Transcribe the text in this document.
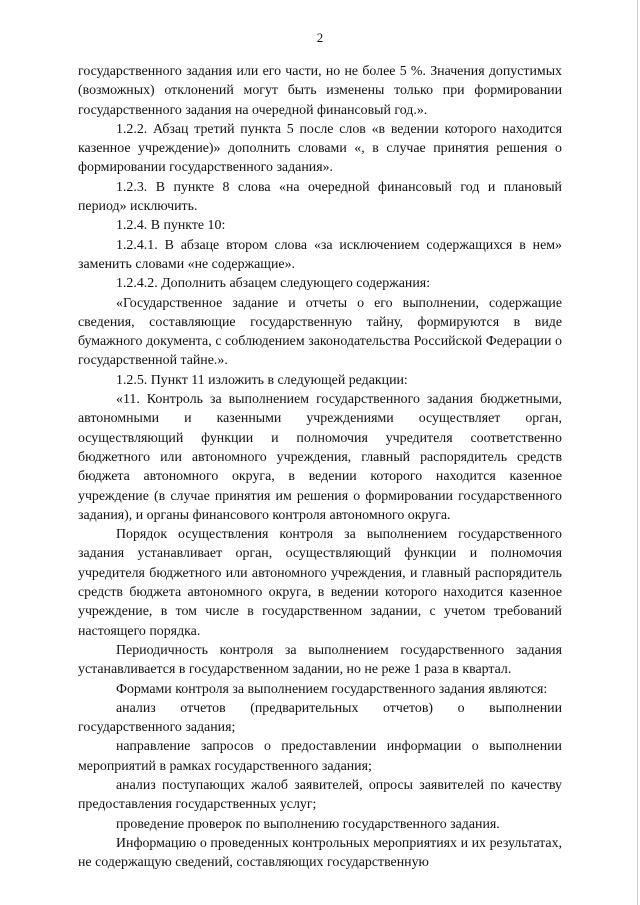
2

государственного задания или его части, но не более 5 %. Значения допустимых (возможных) отклонений могут быть изменены только при формировании государственного задания на очередной финансовый год.».

1.2.2. Абзац третий пункта 5 после слов «в ведении которого находится казенное учреждение)» дополнить словами «, в случае принятия решения о формировании государственного задания».

1.2.3. В пункте 8 слова «на очередной финансовый год и плановый период» исключить.

1.2.4. В пункте 10:

1.2.4.1. В абзаце втором слова «за исключением содержащихся в нем» заменить словами «не содержащие».

1.2.4.2. Дополнить абзацем следующего содержания:

«Государственное задание и отчеты о его выполнении, содержащие сведения, составляющие государственную тайну, формируются в виде бумажного документа, с соблюдением законодательства Российской Федерации о государственной тайне.».

1.2.5. Пункт 11 изложить в следующей редакции:

«11. Контроль за выполнением государственного задания бюджетными, автономными и казенными учреждениями осуществляет орган, осуществляющий функции и полномочия учредителя соответственно бюджетного или автономного учреждения, главный распорядитель средств бюджета автономного округа, в ведении которого находится казенное учреждение (в случае принятия им решения о формировании государственного задания), и органы финансового контроля автономного округа.

Порядок осуществления контроля за выполнением государственного задания устанавливает орган, осуществляющий функции и полномочия учредителя бюджетного или автономного учреждения, и главный распорядитель средств бюджета автономного округа, в ведении которого находится казенное учреждение, в том числе в государственном задании, с учетом требований настоящего порядка.

Периодичность контроля за выполнением государственного задания устанавливается в государственном задании, но не реже 1 раза в квартал.

Формами контроля за выполнением государственного задания являются:

анализ отчетов (предварительных отчетов) о выполнении государственного задания;

направление запросов о предоставлении информации о выполнении мероприятий в рамках государственного задания;

анализ поступающих жалоб заявителей, опросы заявителей по качеству предоставления государственных услуг;

проведение проверок по выполнению государственного задания.

Информацию о проведенных контрольных мероприятиях и их результатах, не содержащую сведений, составляющих государственную
